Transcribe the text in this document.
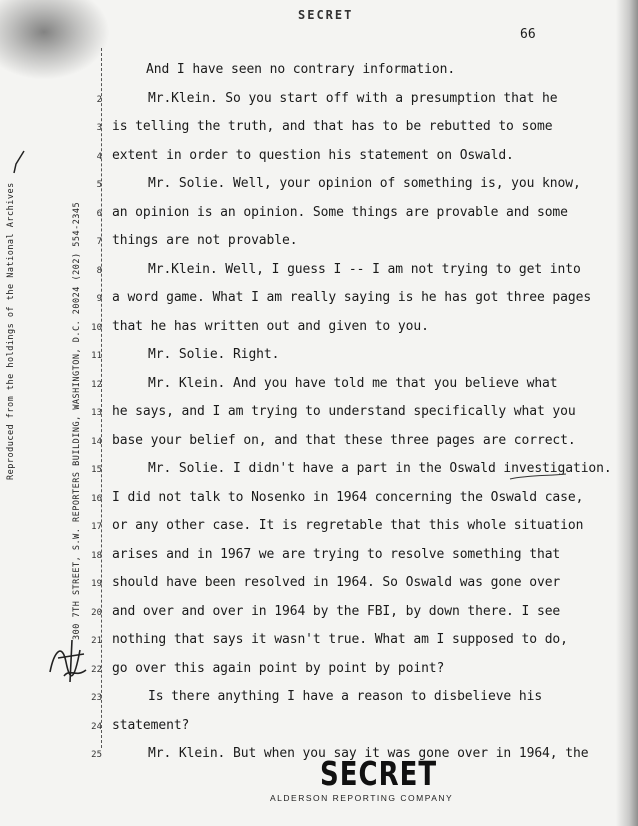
SECRET
66
Reproduced from the holdings of the National Archives	300 7TH STREET, S.W. REPORTERS BUILDING, WASHINGTON, D.C. 20024 (202) 554-2345
And I have seen no contrary information.
2	Mr.Klein. So you start off with a presumption that he
3 is telling the truth, and that has to be rebutted to some
4 extent in order to question his statement on Oswald.
5	Mr. Solie. Well, your opinion of something is, you know,
6 an opinion is an opinion. Some things are provable and some
7 things are not provable.
8	Mr.Klein. Well, I guess I -- I am not trying to get into
9 a word game. What I am really saying is he has got three pages
10 that he has written out and given to you.
11	Mr. Solie. Right.
12	Mr. Klein. And you have told me that you believe what
13 he says, and I am trying to understand specifically what you
14 base your belief on, and that these three pages are correct.
15	Mr. Solie. I didn't have a part in the Oswald investigation.
16 I did not talk to Nosenko in 1964 concerning the Oswald case,
17 or any other case. It is regretable that this whole situation
18 arises and in 1967 we are trying to resolve something that
19 should have been resolved in 1964. So Oswald was gone over
20 and over and over in 1964 by the FBI, by down there. I see
21 nothing that says it wasn't true. What am I supposed to do,
22 go over this again point by point by point?
23	Is there anything I have a reason to disbelieve his
24 statement?
25	Mr. Klein. But when you say it was gone over in 1964, the
SECRET
ALDERSON REPORTING COMPANY
